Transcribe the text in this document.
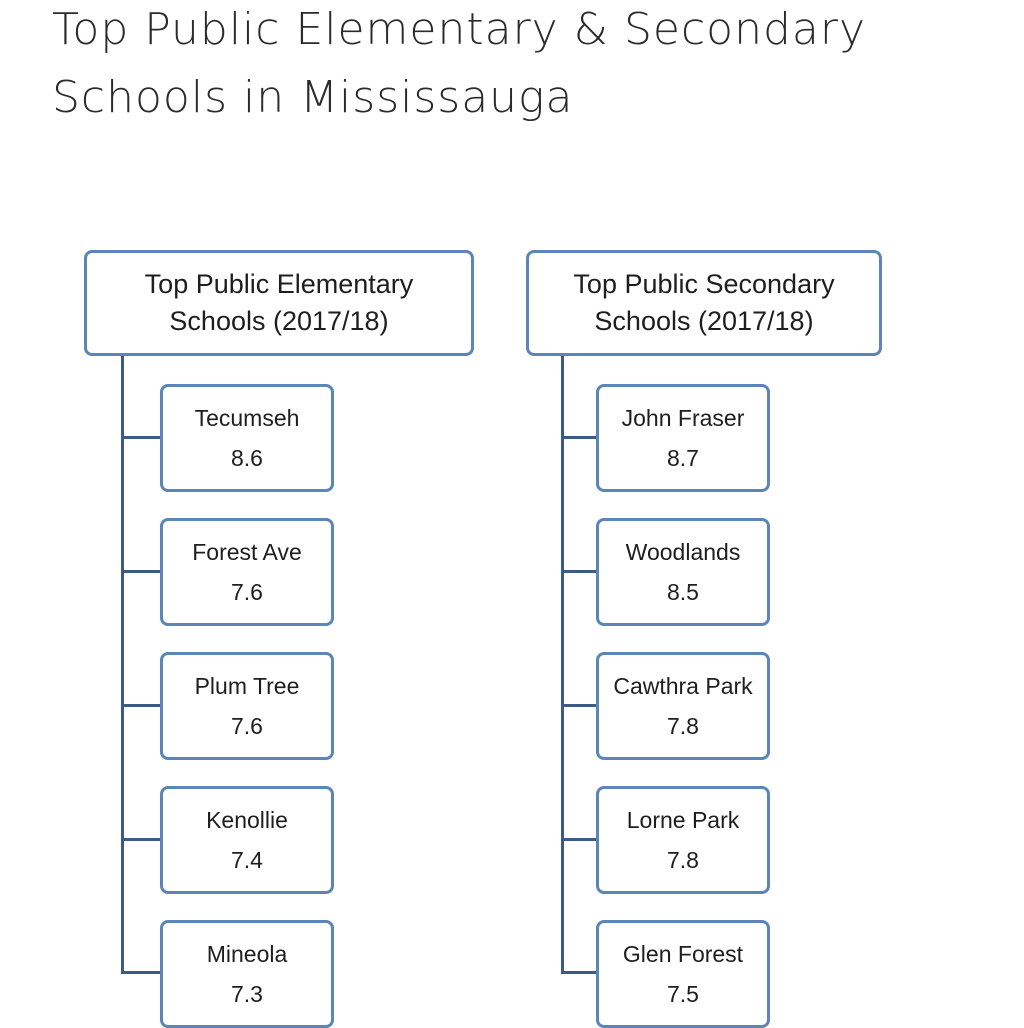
Top Public Elementary & Secondary
Schools in Mississauga
Top Public Elementary
Schools (2017/18)
Tecumseh
8.6
Forest Ave
7.6
Plum Tree
7.6
Kenollie
7.4
Mineola
7.3
Top Public Secondary
Schools (2017/18)
John Fraser
8.7
Woodlands
8.5
Cawthra Park
7.8
Lorne Park
7.8
Glen Forest
7.5
